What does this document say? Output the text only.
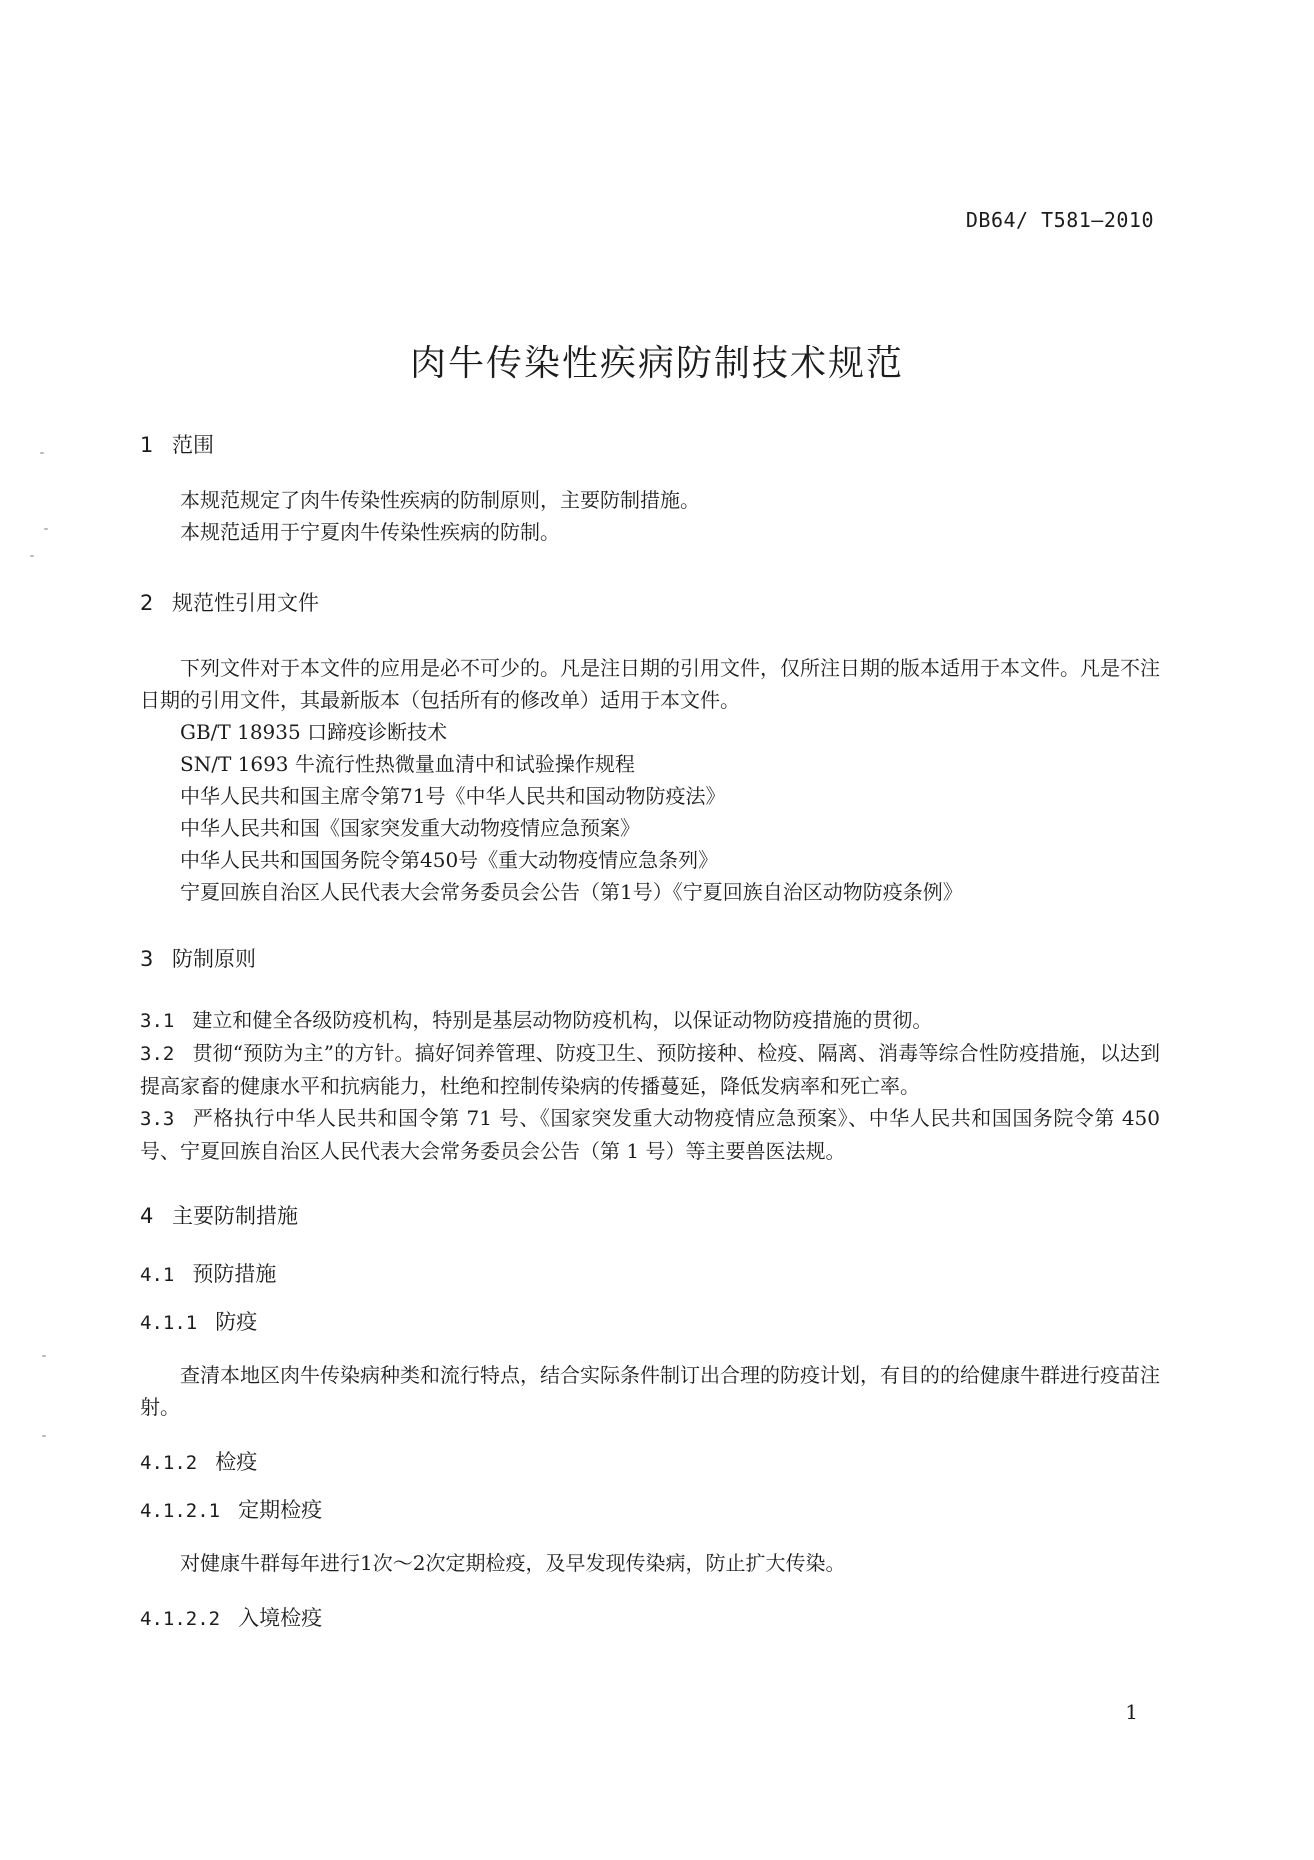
DB64/ T581—2010
肉牛传染性疾病防制技术规范
1 范围
本规范规定了肉牛传染性疾病的防制原则，主要防制措施。
本规范适用于宁夏肉牛传染性疾病的防制。
2 规范性引用文件
下列文件对于本文件的应用是必不可少的。凡是注日期的引用文件，仅所注日期的版本适用于本文件。凡是不注日期的引用文件，其最新版本（包括所有的修改单）适用于本文件。
GB/T 18935 口蹄疫诊断技术
SN/T 1693 牛流行性热微量血清中和试验操作规程
中华人民共和国主席令第71号《中华人民共和国动物防疫法》
中华人民共和国《国家突发重大动物疫情应急预案》
中华人民共和国国务院令第450号《重大动物疫情应急条列》
宁夏回族自治区人民代表大会常务委员会公告（第1号）《宁夏回族自治区动物防疫条例》
3 防制原则
3.1 建立和健全各级防疫机构，特别是基层动物防疫机构，以保证动物防疫措施的贯彻。
3.2 贯彻“预防为主”的方针。搞好饲养管理、防疫卫生、预防接种、检疫、隔离、消毒等综合性防疫措施，以达到提高家畜的健康水平和抗病能力，杜绝和控制传染病的传播蔓延，降低发病率和死亡率。
3.3 严格执行中华人民共和国令第 71 号、《国家突发重大动物疫情应急预案》、中华人民共和国国务院令第 450 号、宁夏回族自治区人民代表大会常务委员会公告（第 1 号）等主要兽医法规。
4 主要防制措施
4.1 预防措施
4.1.1 防疫
查清本地区肉牛传染病种类和流行特点，结合实际条件制订出合理的防疫计划，有目的的给健康牛群进行疫苗注射。
4.1.2 检疫
4.1.2.1 定期检疫
对健康牛群每年进行1次～2次定期检疫，及早发现传染病，防止扩大传染。
4.1.2.2 入境检疫
1
